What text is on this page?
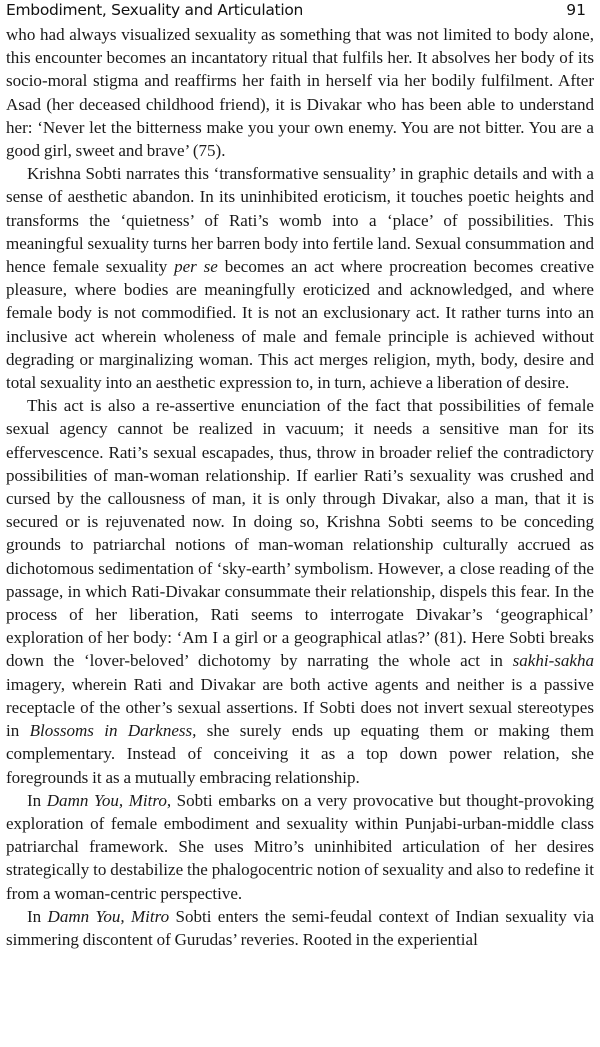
Embodiment, Sexuality and Articulation	91

who had always visualized sexuality as something that was not limited to body alone, this encounter becomes an incantatory ritual that fulfils her. It absolves her body of its socio-moral stigma and reaffirms her faith in herself via her bodily fulfilment. After Asad (her deceased childhood friend), it is Divakar who has been able to understand her: ‘Never let the bitterness make you your own enemy. You are not bitter. You are a good girl, sweet and brave’ (75).

Krishna Sobti narrates this ‘transformative sensuality’ in graphic details and with a sense of aesthetic abandon. In its uninhibited eroticism, it touches poetic heights and transforms the ‘quietness’ of Rati’s womb into a ‘place’ of possibilities. This meaningful sexuality turns her barren body into fertile land. Sexual consummation and hence female sexuality per se becomes an act where procreation becomes creative pleasure, where bodies are meaningfully eroticized and acknowledged, and where female body is not commodified. It is not an exclusionary act. It rather turns into an inclusive act wherein wholeness of male and female principle is achieved without degrading or marginalizing woman. This act merges religion, myth, body, desire and total sexuality into an aesthetic expression to, in turn, achieve a liberation of desire.

This act is also a re-assertive enunciation of the fact that possibilities of female sexual agency cannot be realized in vacuum; it needs a sensitive man for its effervescence. Rati’s sexual escapades, thus, throw in broader relief the contradictory possibilities of man-woman relationship. If earlier Rati’s sexuality was crushed and cursed by the callousness of man, it is only through Divakar, also a man, that it is secured or is rejuvenated now. In doing so, Krishna Sobti seems to be conceding grounds to patriarchal notions of man-woman relationship culturally accrued as dichotomous sedimentation of ‘sky-earth’ symbolism. However, a close reading of the passage, in which Rati-Divakar consummate their relationship, dispels this fear. In the process of her liberation, Rati seems to interrogate Divakar’s ‘geographical’ exploration of her body: ‘Am I a girl or a geographical atlas?’ (81). Here Sobti breaks down the ‘lover-beloved’ dichotomy by narrating the whole act in sakhi-sakha imagery, wherein Rati and Divakar are both active agents and neither is a passive receptacle of the other’s sexual assertions. If Sobti does not invert sexual stereotypes in Blossoms in Darkness, she surely ends up equating them or making them complementary. Instead of conceiving it as a top down power relation, she foregrounds it as a mutually embracing relationship.

In Damn You, Mitro, Sobti embarks on a very provocative but thought-provoking exploration of female embodiment and sexuality within Punjabi-urban-middle class patriarchal framework. She uses Mitro’s uninhibited articulation of her desires strategically to destabilize the phalogocentric notion of sexuality and also to redefine it from a woman-centric perspective.

In Damn You, Mitro Sobti enters the semi-feudal context of Indian sexuality via simmering discontent of Gurudas’ reveries. Rooted in the experiential
